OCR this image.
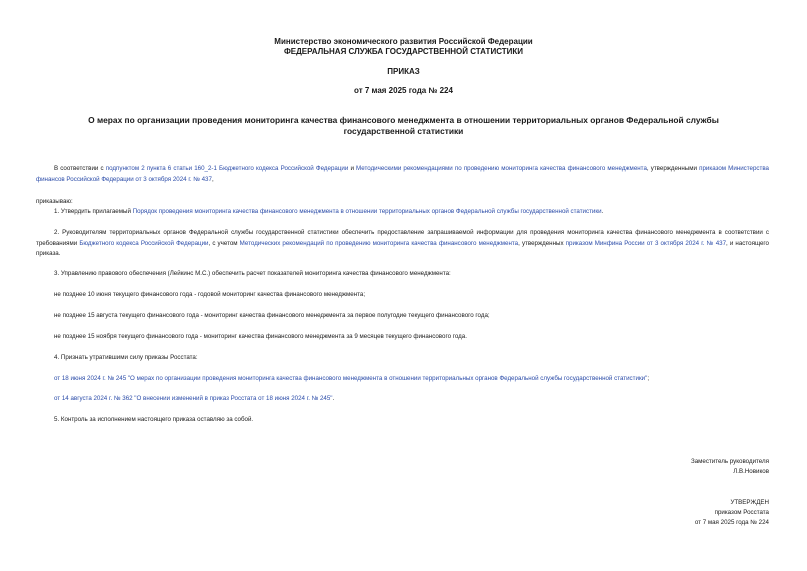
Министерство экономического развития Российской Федерации
ФЕДЕРАЛЬНАЯ СЛУЖБА ГОСУДАРСТВЕННОЙ СТАТИСТИКИ
ПРИКАЗ
от 7 мая 2025 года № 224
О мерах по организации проведения мониторинга качества финансового менеджмента в отношении территориальных органов Федеральной службы государственной статистики
В соответствии с подпунктом 2 пункта 6 статьи 160_2-1 Бюджетного кодекса Российской Федерации и Методическими рекомендациями по проведению мониторинга качества финансового менеджмента, утвержденными приказом Министерства финансов Российской Федерации от 3 октября 2024 г. № 437,
приказываю:
1. Утвердить прилагаемый Порядок проведения мониторинга качества финансового менеджмента в отношении территориальных органов Федеральной службы государственной статистики.
2. Руководителям территориальных органов Федеральной службы государственной статистики обеспечить предоставление запрашиваемой информации для проведения мониторинга качества финансового менеджмента в соответствии с требованиями Бюджетного кодекса Российской Федерации, с учетом Методических рекомендаций по проведению мониторинга качества финансового менеджмента, утвержденных приказом Минфина России от 3 октября 2024 г. № 437, и настоящего приказа.
3. Управлению правового обеспечения (Лейкинс М.С.) обеспечить расчет показателей мониторинга качества финансового менеджмента:
не позднее 10 июня текущего финансового года - годовой мониторинг качества финансового менеджмента;
не позднее 15 августа текущего финансового года - мониторинг качества финансового менеджмента за первое полугодие текущего финансового года;
не позднее 15 ноября текущего финансового года - мониторинг качества финансового менеджмента за 9 месяцев текущего финансового года.
4. Признать утратившими силу приказы Росстата:
от 18 июня 2024 г. № 245 "О мерах по организации проведения мониторинга качества финансового менеджмента в отношении территориальных органов Федеральной службы государственной статистики";
от 14 августа 2024 г. № 362 "О внесении изменений в приказ Росстата от 18 июня 2024 г. № 245".
5. Контроль за исполнением настоящего приказа оставляю за собой.
Заместитель руководителя
Л.В.Новиков
УТВЕРЖДЕН
приказом Росстата
от 7 мая 2025 года № 224
